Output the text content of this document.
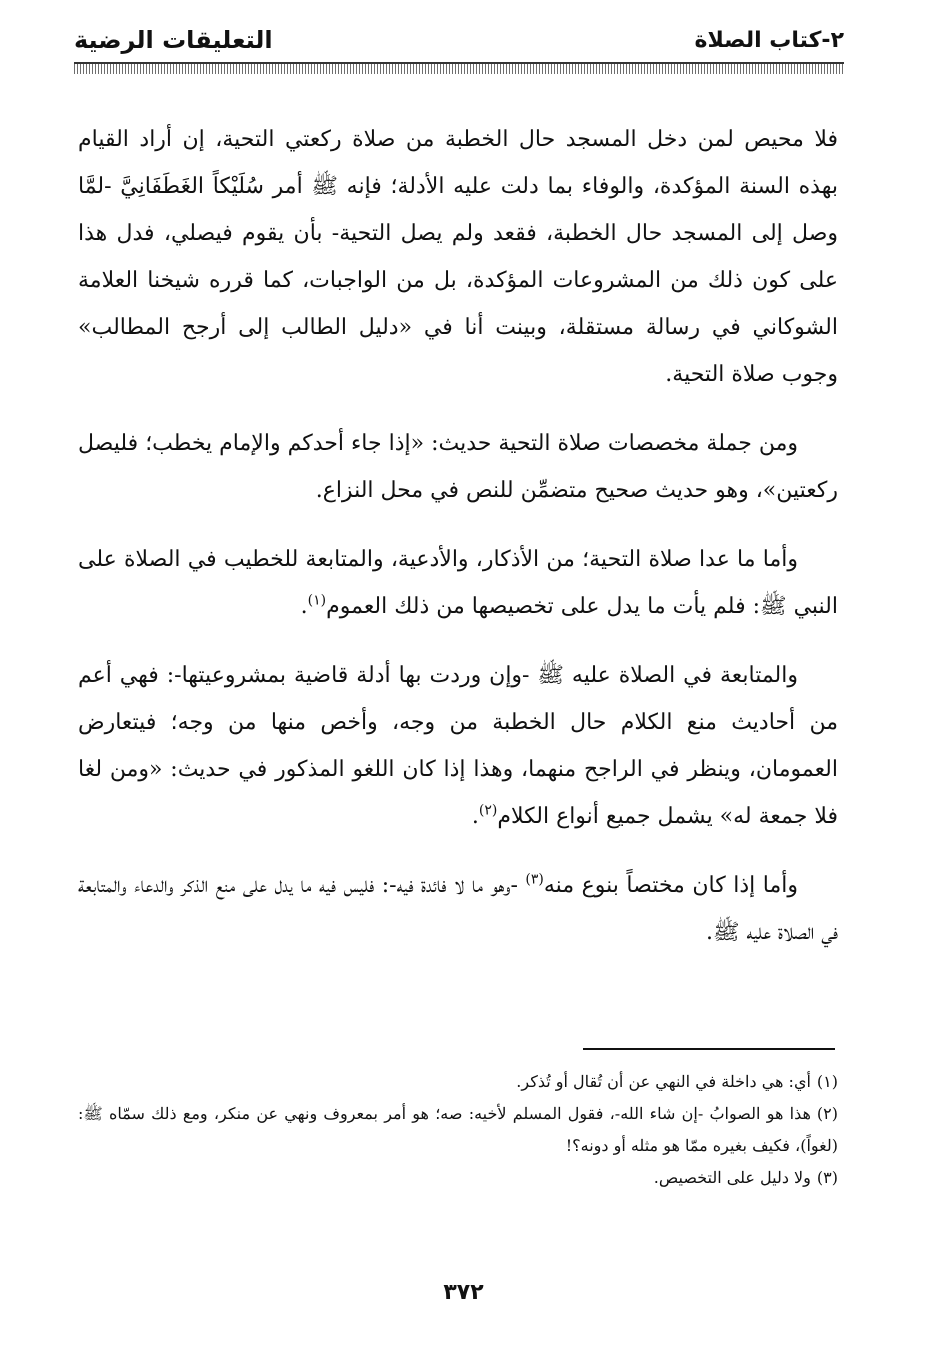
٢-كتاب الصلاة
التعليقات الرضية

فلا محيص لمن دخل المسجد حال الخطبة من صلاة ركعتي التحية، إن أراد القيام بهذه السنة المؤكدة، والوفاء بما دلت عليه الأدلة؛ فإنه ﷺ أمر سُلَيْكاً الغَطَفَانِيَّ -لمَّا وصل إلى المسجد حال الخطبة، فقعد ولم يصل التحية- بأن يقوم فيصلي، فدل هذا على كون ذلك من المشروعات المؤكدة، بل من الواجبات، كما قرره شيخنا العلامة الشوكاني في رسالة مستقلة، وبينت أنا في «دليل الطالب إلى أرجح المطالب» وجوب صلاة التحية.

ومن جملة مخصصات صلاة التحية حديث: «إذا جاء أحدكم والإمام يخطب؛ فليصل ركعتين»، وهو حديث صحيح متضمِّن للنص في محل النزاع.

وأما ما عدا صلاة التحية؛ من الأذكار، والأدعية، والمتابعة للخطيب في الصلاة على النبي ﷺ: فلم يأت ما يدل على تخصيصها من ذلك العموم$^{(١)}$.

والمتابعة في الصلاة عليه ﷺ -وإن وردت بها أدلة قاضية بمشروعيتها-: فهي أعم من أحاديث منع الكلام حال الخطبة من وجه، وأخص منها من وجه؛ فيتعارض العمومان، وينظر في الراجح منهما، وهذا إذا كان اللغو المذكور في حديث: «ومن لغا فلا جمعة له» يشمل جميع أنواع الكلام$^{(٢)}$.

وأما إذا كان مختصاً بنوع منه$^{(٣)}$ -وهو ما لا فائدة فيه-: فليس فيه ما يدل على منع الذكر والدعاء والمتابعة في الصلاة عليه ﷺ.

(١)أي: هي داخلة في النهي عن أن تُقال أو تُذكر.

(٢)هذا هو الصوابُ -إن شاء الله-، فقول المسلم لأخيه: صه؛ هو أمر بمعروف ونهي عن منكر، ومع ذلك سمّاه ﷺ: (لغواً)، فكيف بغيره ممّا هو مثله أو دونه؟!

(٣)ولا دليل على التخصيص.

٣٧٢
